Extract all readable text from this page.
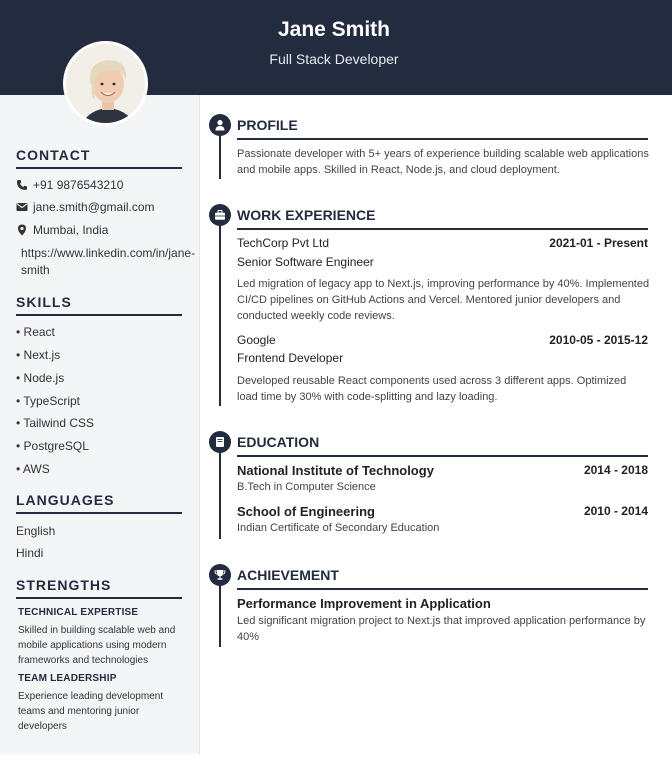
Jane Smith
Full Stack Developer
CONTACT
+91 9876543210
jane.smith@gmail.com
Mumbai, India
https://www.linkedin.com/in/jane-smith
SKILLS
• React
• Next.js
• Node.js
• TypeScript
• Tailwind CSS
• PostgreSQL
• AWS
LANGUAGES
English
Hindi
STRENGTHS
TECHNICAL EXPERTISE
Skilled in building scalable web and mobile applications using modern frameworks and technologies
TEAM LEADERSHIP
Experience leading development teams and mentoring junior developers
PROFILE
Passionate developer with 5+ years of experience building scalable web applications and mobile apps. Skilled in React, Node.js, and cloud deployment.
WORK EXPERIENCE
TechCorp Pvt Ltd	2021-01 - Present
Senior Software Engineer
Led migration of legacy app to Next.js, improving performance by 40%. Implemented CI/CD pipelines on GitHub Actions and Vercel. Mentored junior developers and conducted weekly code reviews.
Google	2010-05 - 2015-12
Frontend Developer
Developed reusable React components used across 3 different apps. Optimized load time by 30% with code-splitting and lazy loading.
EDUCATION
National Institute of Technology	2014 - 2018
B.Tech in Computer Science
School of Engineering	2010 - 2014
Indian Certificate of Secondary Education
ACHIEVEMENT
Performance Improvement in Application
Led significant migration project to Next.js that improved application performance by 40%
